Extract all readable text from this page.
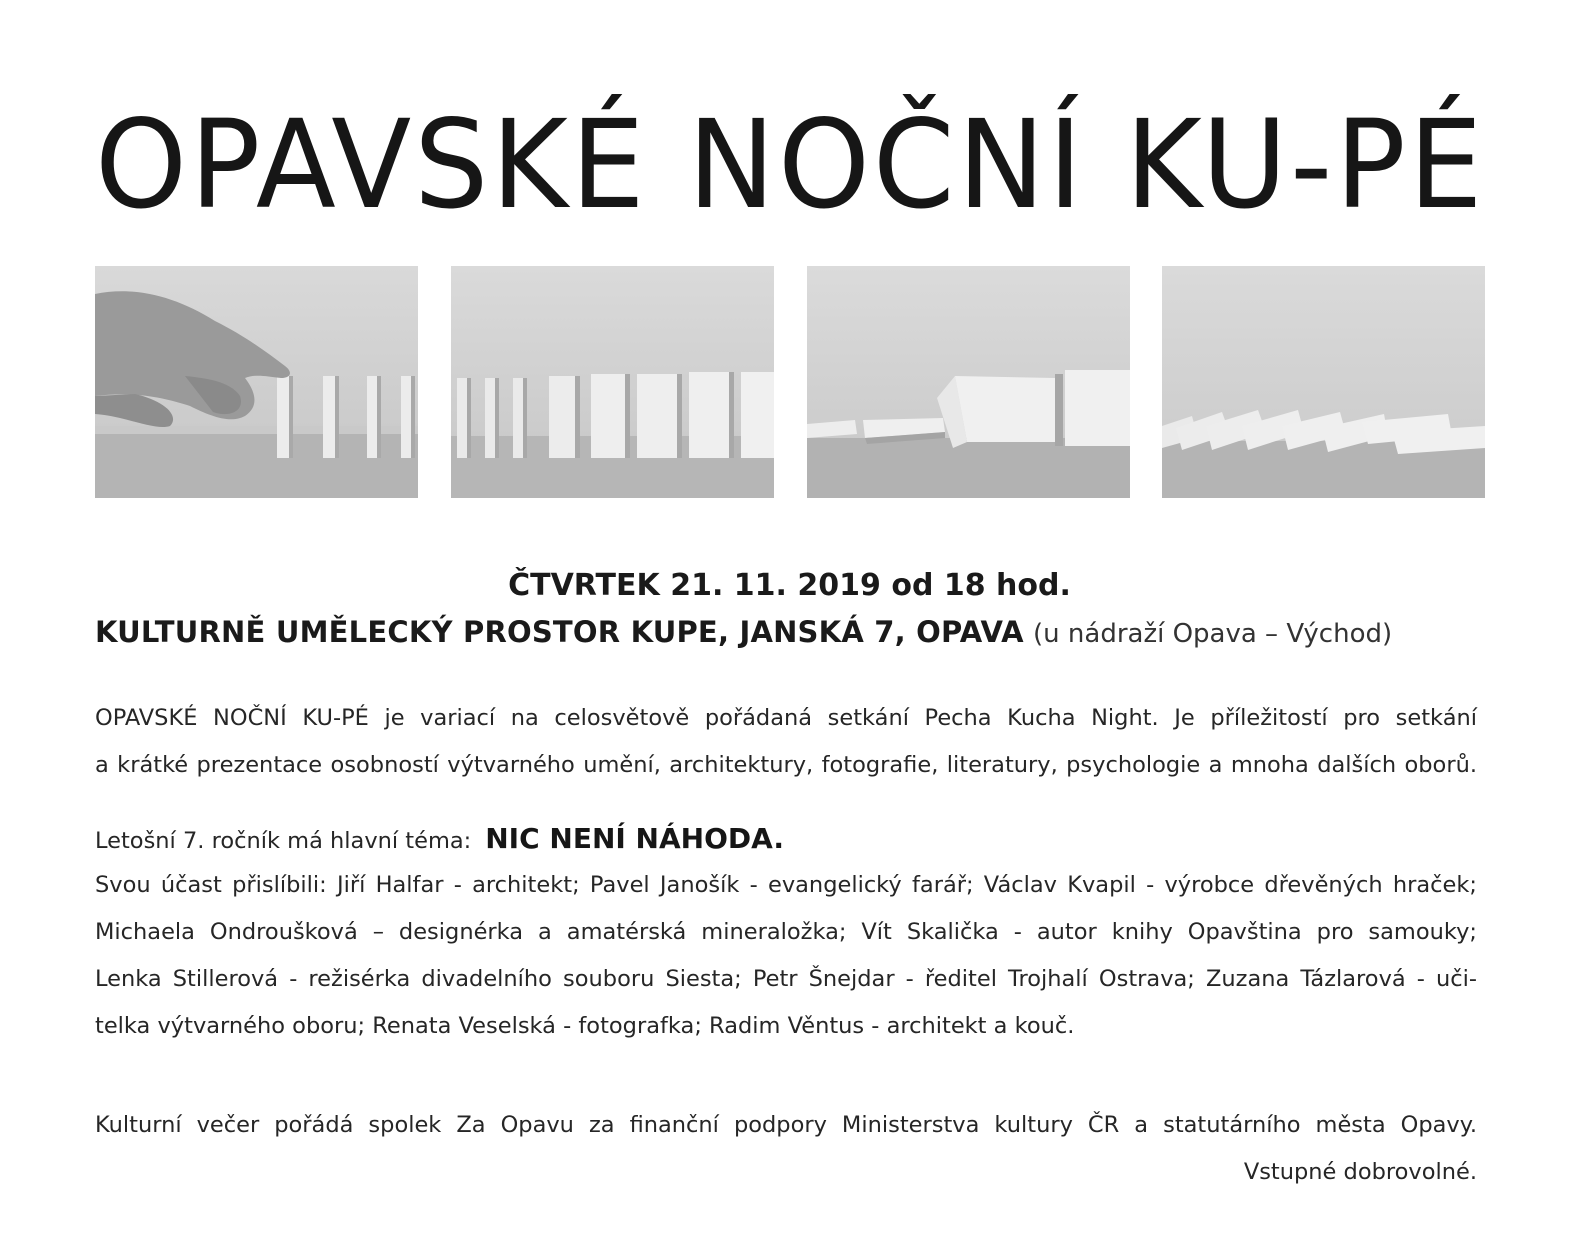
OPAVSKÉ NOČNÍ KU-PÉ
ČTVRTEK 21. 11. 2019 od 18 hod.
KULTURNĚ UMĚLECKÝ PROSTOR KUPE, JANSKÁ 7, OPAVA (u nádraží Opava – Východ)
OPAVSKÉ NOČNÍ KU-PÉ je variací na celosvětově pořádaná setkání Pecha Kucha Night. Je příležitostí pro setkání
a krátké prezentace osobností výtvarného umění, architektury, fotografie, literatury, psychologie a mnoha dalších oborů.
Letošní 7. ročník má hlavní téma: NIC NENÍ NÁHODA.
Svou účast přislíbili: Jiří Halfar - architekt; Pavel Janošík - evangelický farář; Václav Kvapil - výrobce dřevěných hraček;
Michaela Ondroušková – designérka a amatérská mineraložka; Vít Skalička - autor knihy Opavština pro samouky;
Lenka Stillerová - režisérka divadelního souboru Siesta; Petr Šnejdar - ředitel Trojhalí Ostrava; Zuzana Tázlarová - uči-
telka výtvarného oboru; Renata Veselská - fotografka; Radim Věntus - architekt a kouč.
Kulturní večer pořádá spolek Za Opavu za finanční podpory Ministerstva kultury ČR a statutárního města Opavy.
Vstupné dobrovolné.
